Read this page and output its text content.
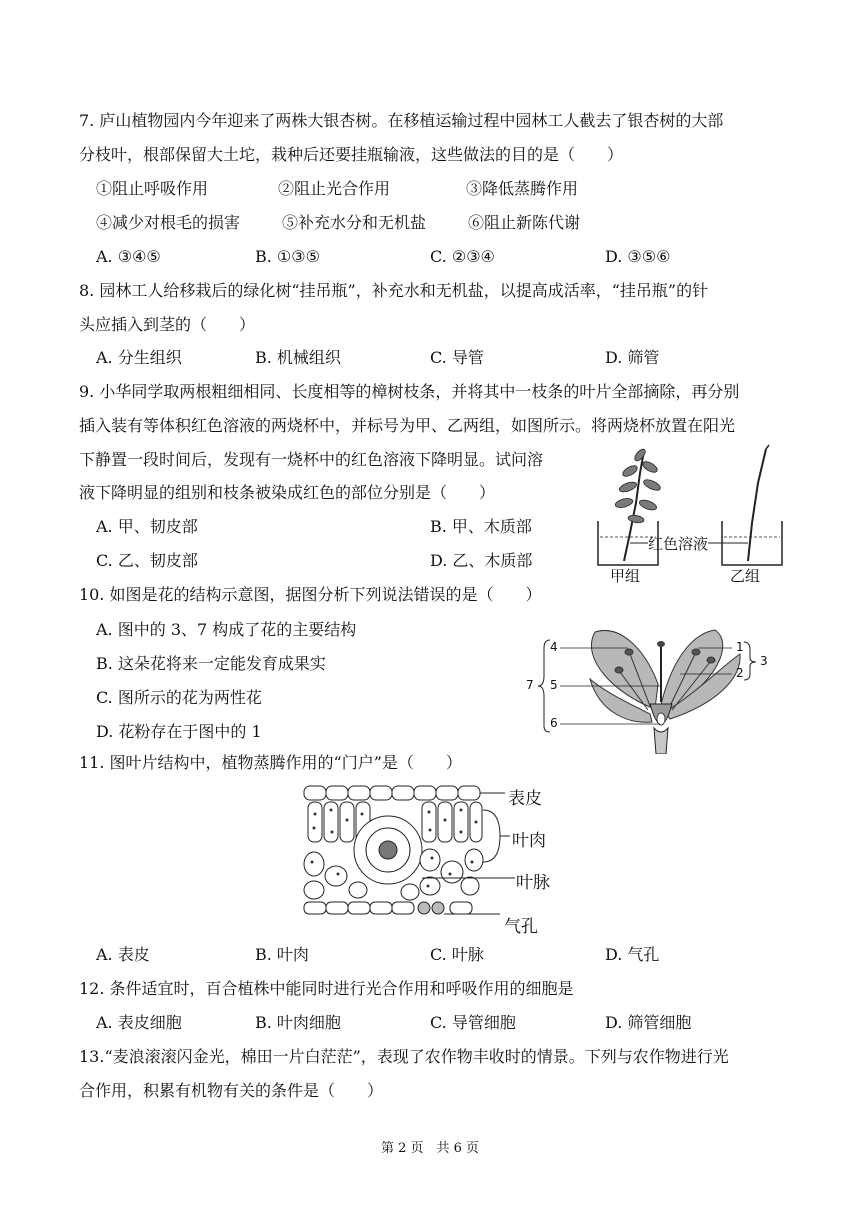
7. 庐山植物园内今年迎来了两株大银杏树。在移植运输过程中园林工人截去了银杏树的大部
分枝叶，根部保留大土坨，栽种后还要挂瓶输液，这些做法的目的是（　　）
①阻止呼吸作用	②阻止光合作用	③降低蒸腾作用
④减少对根毛的损害	⑤补充水分和无机盐	⑥阻止新陈代谢
A. ③④⑤	B. ①③⑤	C. ②③④	D. ③⑤⑥
8. 园林工人给移栽后的绿化树“挂吊瓶”，补充水和无机盐，以提高成活率，“挂吊瓶”的针
头应插入到茎的（　　）
A. 分生组织	B. 机械组织	C. 导管	D. 筛管
9. 小华同学取两根粗细相同、长度相等的樟树枝条，并将其中一枝条的叶片全部摘除，再分别
插入装有等体积红色溶液的两烧杯中，并标号为甲、乙两组，如图所示。将两烧杯放置在阳光
下静置一段时间后，发现有一烧杯中的红色溶液下降明显。试问溶
液下降明显的组别和枝条被染成红色的部位分别是（　　）
A. 甲、韧皮部	B. 甲、木质部
C. 乙、韧皮部	D. 乙、木质部
红色溶液
甲组	乙组
10. 如图是花的结构示意图，据图分析下列说法错误的是（　　）
A. 图中的 3、7 构成了花的主要结构
B. 这朵花将来一定能发育成果实
C. 图所示的花为两性花
D. 花粉存在于图中的 1
4
5
6
7
1
2
3
11. 图叶片结构中，植物蒸腾作用的“门户”是（　　）
表皮
叶肉
叶脉
气孔
A. 表皮	B. 叶肉	C. 叶脉	D. 气孔
12. 条件适宜时，百合植株中能同时进行光合作用和呼吸作用的细胞是
A. 表皮细胞	B. 叶肉细胞	C. 导管细胞	D. 筛管细胞
13.“麦浪滚滚闪金光，棉田一片白茫茫”，表现了农作物丰收时的情景。下列与农作物进行光
合作用，积累有机物有关的条件是（　　）
第 2 页　共 6 页
